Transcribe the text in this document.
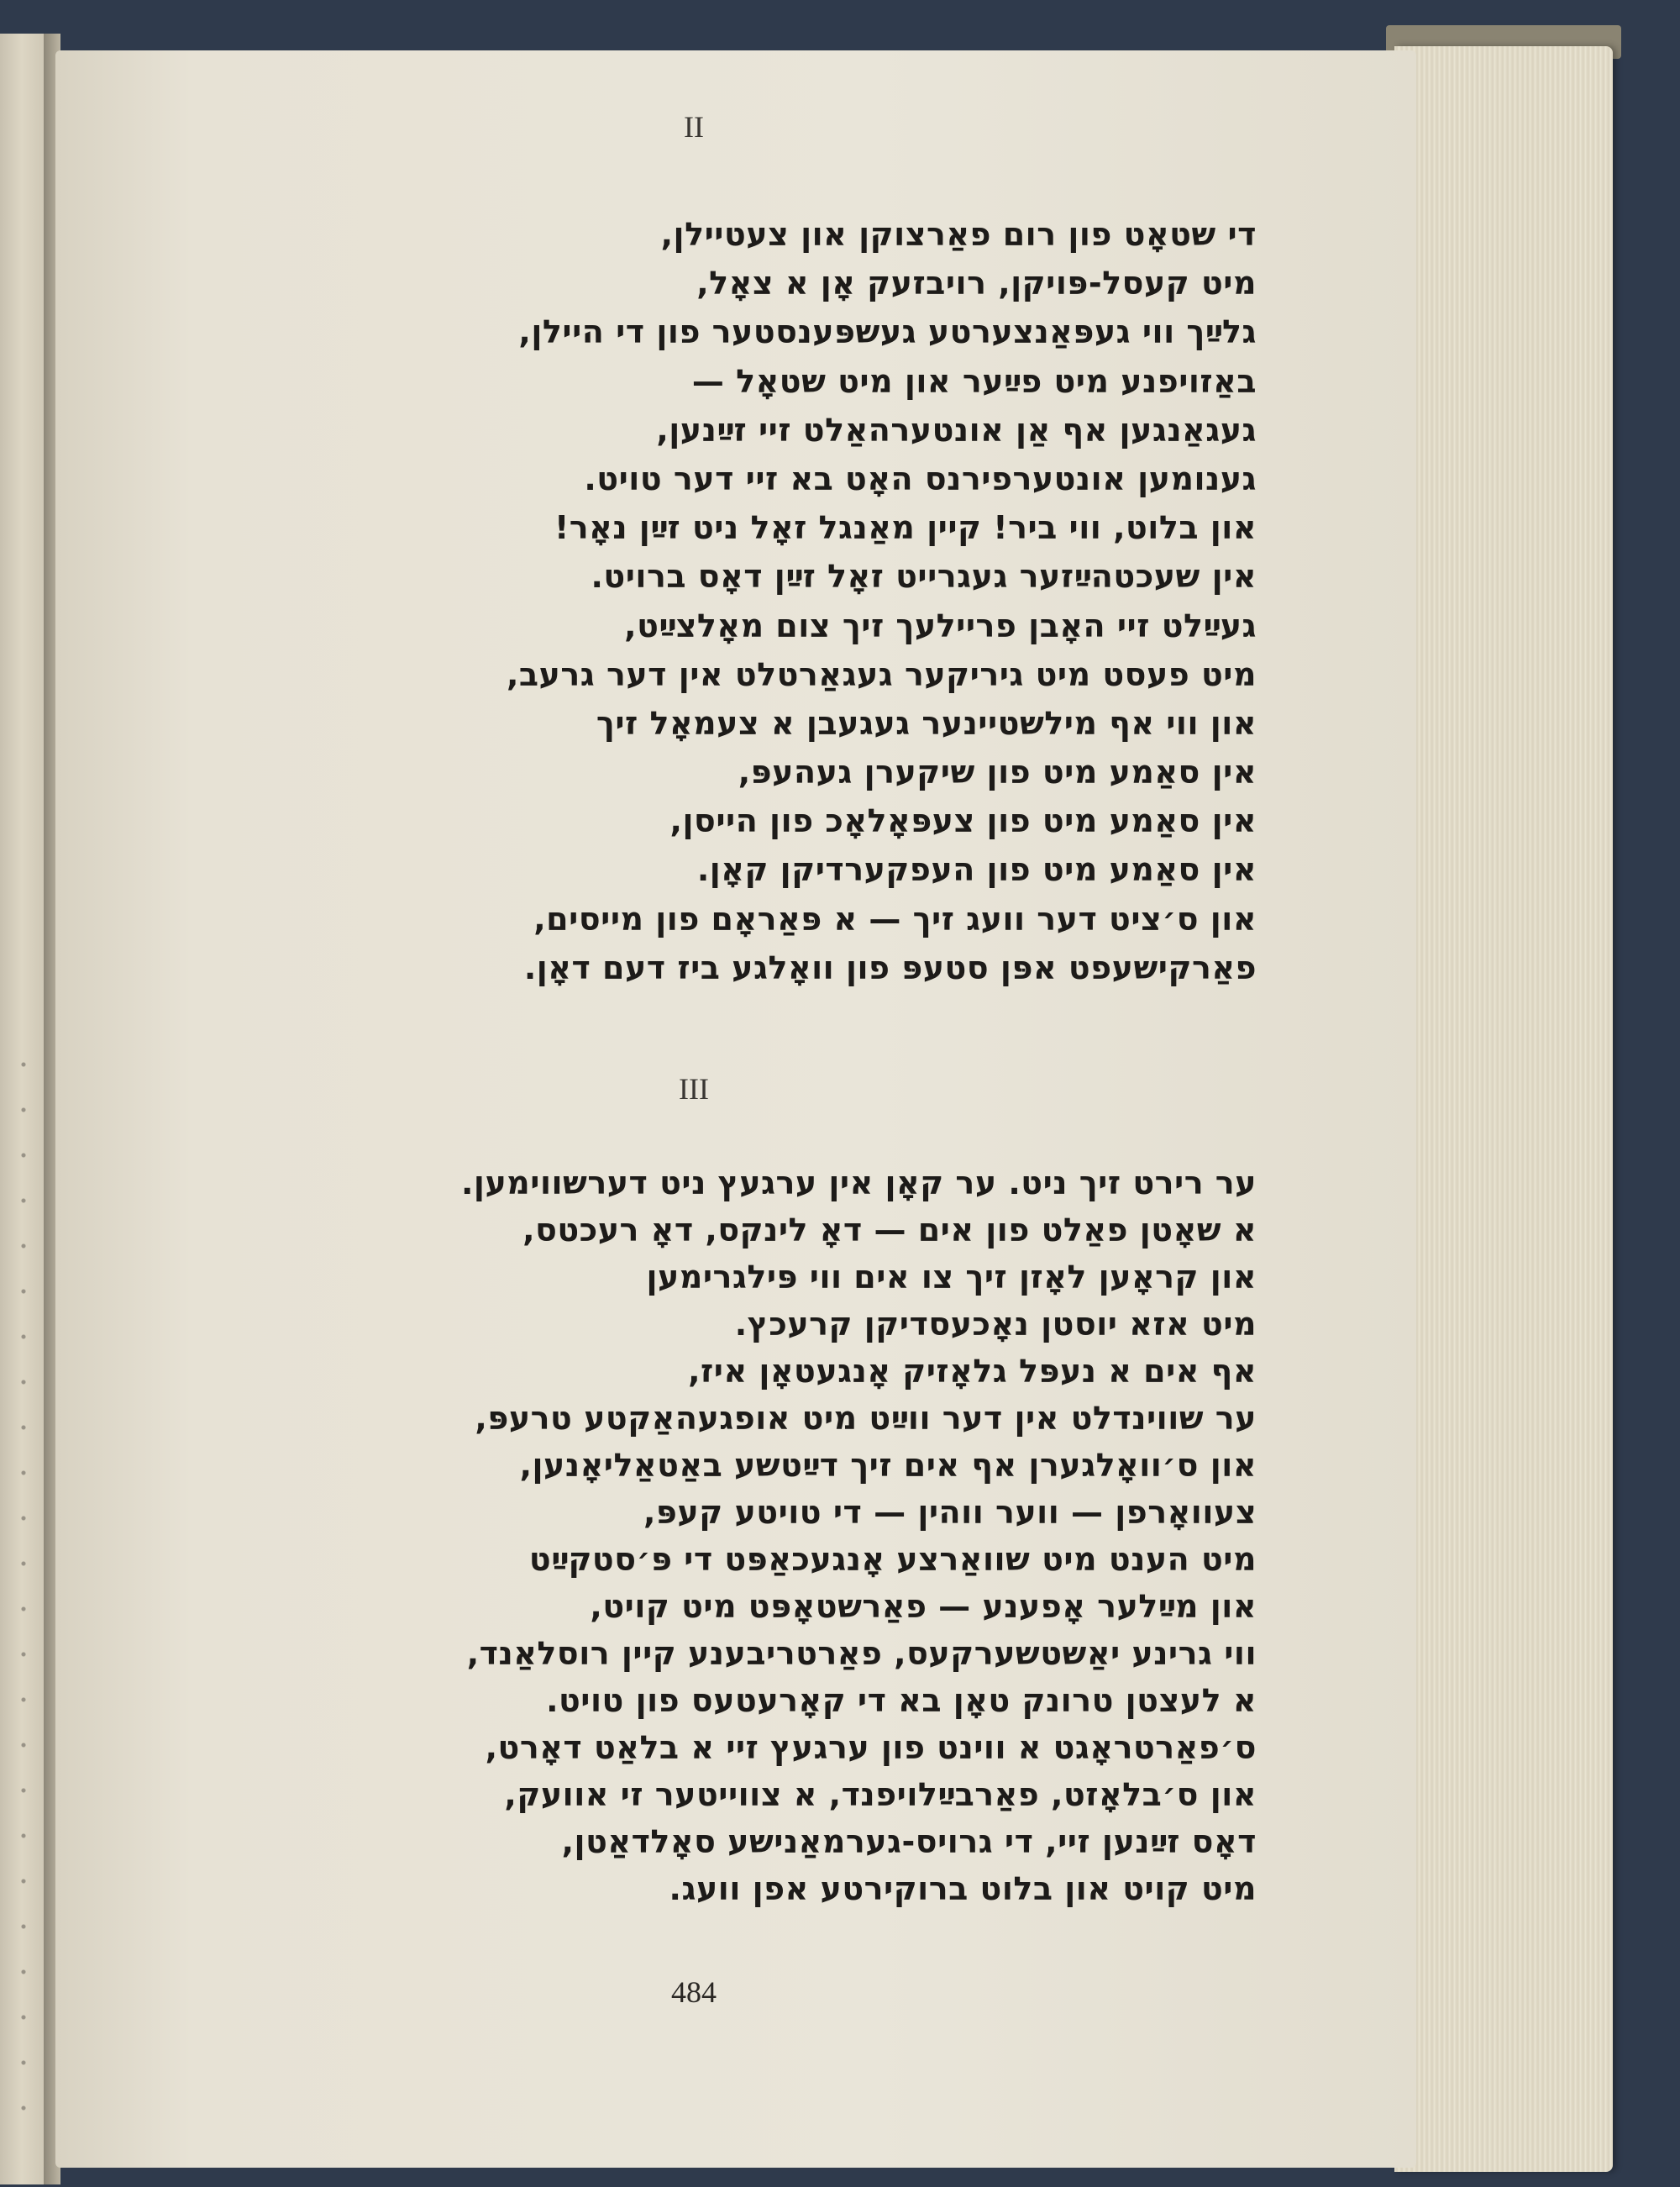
II
די שטאָט פון רום פאַרצוקן און צעטיילן,
מיט קעסל-פּויקן, רויבזעק אָן א צאָל,
גלײַך ווי געפּאַנצערטע געשפּענסטער פון די היילן,
באַזויפנע מיט פײַער און מיט שטאָל —
געגאַנגען אף אַן אונטערהאַלט זיי זײַנען,
גענומען אונטערפירנס האָט בא זיי דער טויט.
און בלוט, ווי ביר! קיין מאַנגל זאָל ניט זײַן נאָר!
אין שעכטהײַזער געגרייט זאָל זײַן דאָס ברויט.
געײַלט זיי האָבן פריילעך זיך צום מאָלצײַט,
מיט פעסט מיט גיריקער געגאַרטלט אין דער גרעב,
און ווי אף מילשטיינער געגעבן א צעמאָל זיך
אין סאַמע מיט פון שיקערן געהעפּ,
אין סאַמע מיט פון צעפּאָלאָכ פון הייסן,
אין סאַמע מיט פון העפקערדיקן קאָן.
און ס׳ציט דער וועג זיך — א פּאַראָם פון מייסים,
פאַרקישעפט אפּן סטעפּ פון וואָלגע ביז דעם דאָן.
III
ער רירט זיך ניט. ער קאָן אין ערגעץ ניט דערשווימען.
א שאָטן פאַלט פון אים — דאָ לינקס, דאָ רעכטס,
און קראָען לאָזן זיך צו אים ווי פּילגרימען
מיט אזא יוסטן נאָכעסדיקן קרעכץ.
אף אים א נעפּל גלאָזיק אָנגעטאָן איז,
ער שווינדלט אין דער ווײַט מיט אופגעהאַקטע טרעפּ,
און ס׳וואָלגערן אף אים זיך דײַטשע באַטאַליאָנען,
צעוואָרפן — ווער ווהין — די טויטע קעפּ,
מיט הענט מיט שוואַרצע אָנגעכאַפּט די פּ׳סטקײַט
און מײַלער אָפענע — פאַרשטאָפּט מיט קויט,
ווי גרינע יאַשטשערקעס, פאַרטריבענע קיין רוסלאַנד,
א לעצטן טרונק טאָן בא די קאָרעטעס פון טויט.
ס׳פאַרטראָגט א ווינט פון ערגעץ זיי א בלאַט דאָרט,
און ס׳בלאָזט, פאַרבײַלויפנד, א צווייטער זי אוועק,
דאָס זײַנען זיי, די גרויס-גערמאַנישע סאָלדאַטן,
מיט קויט און בלוט ברוקירטע אפן וועג.
484
